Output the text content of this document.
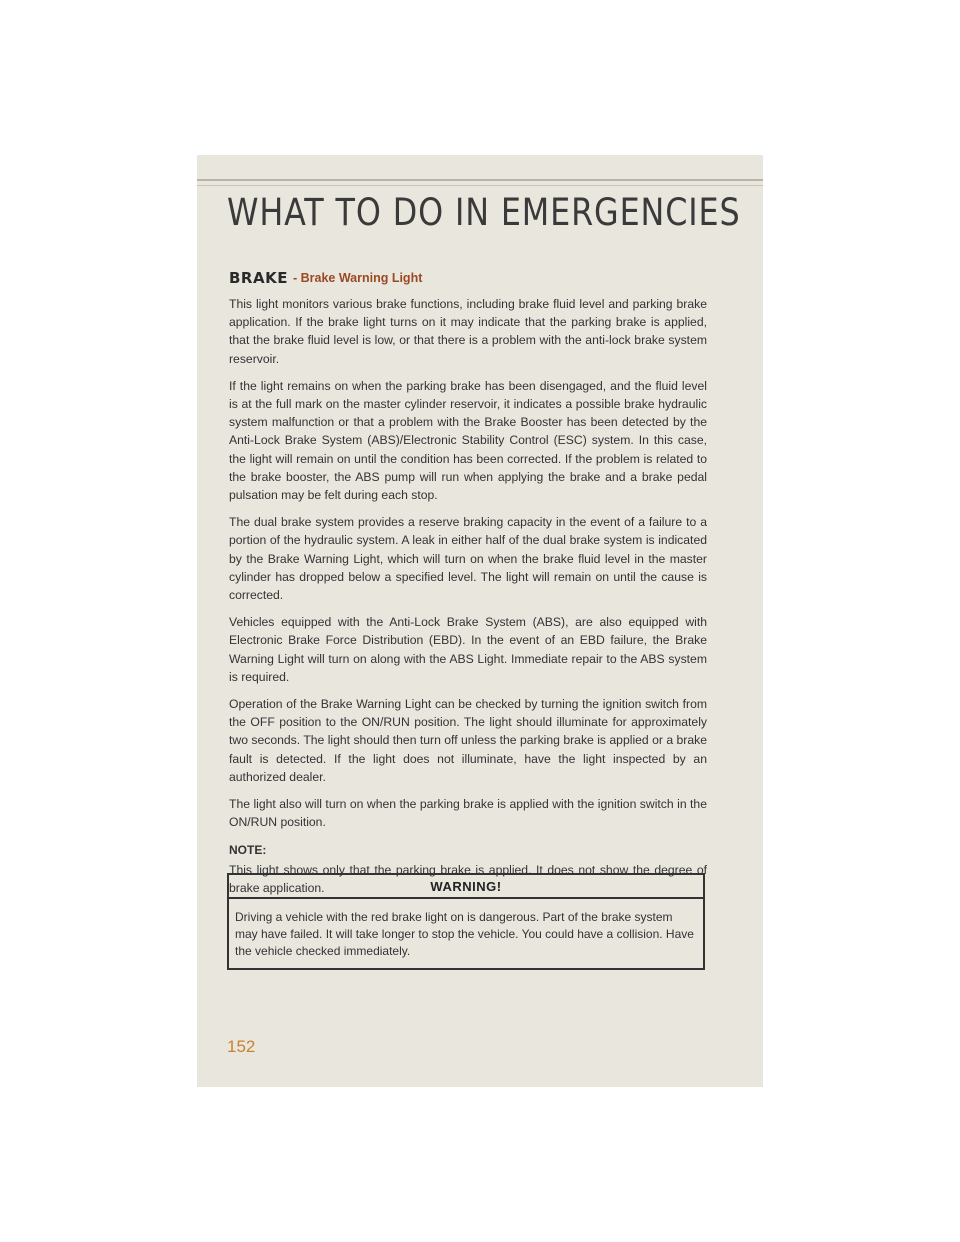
WHAT TO DO IN EMERGENCIES
BRAKE - Brake Warning Light

This light monitors various brake functions, including brake fluid level and parking brake application. If the brake light turns on it may indicate that the parking brake is applied, that the brake fluid level is low, or that there is a problem with the anti-lock brake system reservoir.

If the light remains on when the parking brake has been disengaged, and the fluid level is at the full mark on the master cylinder reservoir, it indicates a possible brake hydraulic system malfunction or that a problem with the Brake Booster has been detected by the Anti-Lock Brake System (ABS)/Electronic Stability Control (ESC) system. In this case, the light will remain on until the condition has been corrected. If the problem is related to the brake booster, the ABS pump will run when applying the brake and a brake pedal pulsation may be felt during each stop.

The dual brake system provides a reserve braking capacity in the event of a failure to a portion of the hydraulic system. A leak in either half of the dual brake system is indicated by the Brake Warning Light, which will turn on when the brake fluid level in the master cylinder has dropped below a specified level. The light will remain on until the cause is corrected.

Vehicles equipped with the Anti-Lock Brake System (ABS), are also equipped with Electronic Brake Force Distribution (EBD). In the event of an EBD failure, the Brake Warning Light will turn on along with the ABS Light. Immediate repair to the ABS system is required.

Operation of the Brake Warning Light can be checked by turning the ignition switch from the OFF position to the ON/RUN position. The light should illuminate for approximately two seconds. The light should then turn off unless the parking brake is applied or a brake fault is detected. If the light does not illuminate, have the light inspected by an authorized dealer.

The light also will turn on when the parking brake is applied with the ignition switch in the ON/RUN position.

NOTE:

This light shows only that the parking brake is applied. It does not show the degree of brake application.	WARNING!
Driving a vehicle with the red brake light on is dangerous. Part of the brake system may have failed. It will take longer to stop the vehicle. You could have a collision. Have the vehicle checked immediately.
152
